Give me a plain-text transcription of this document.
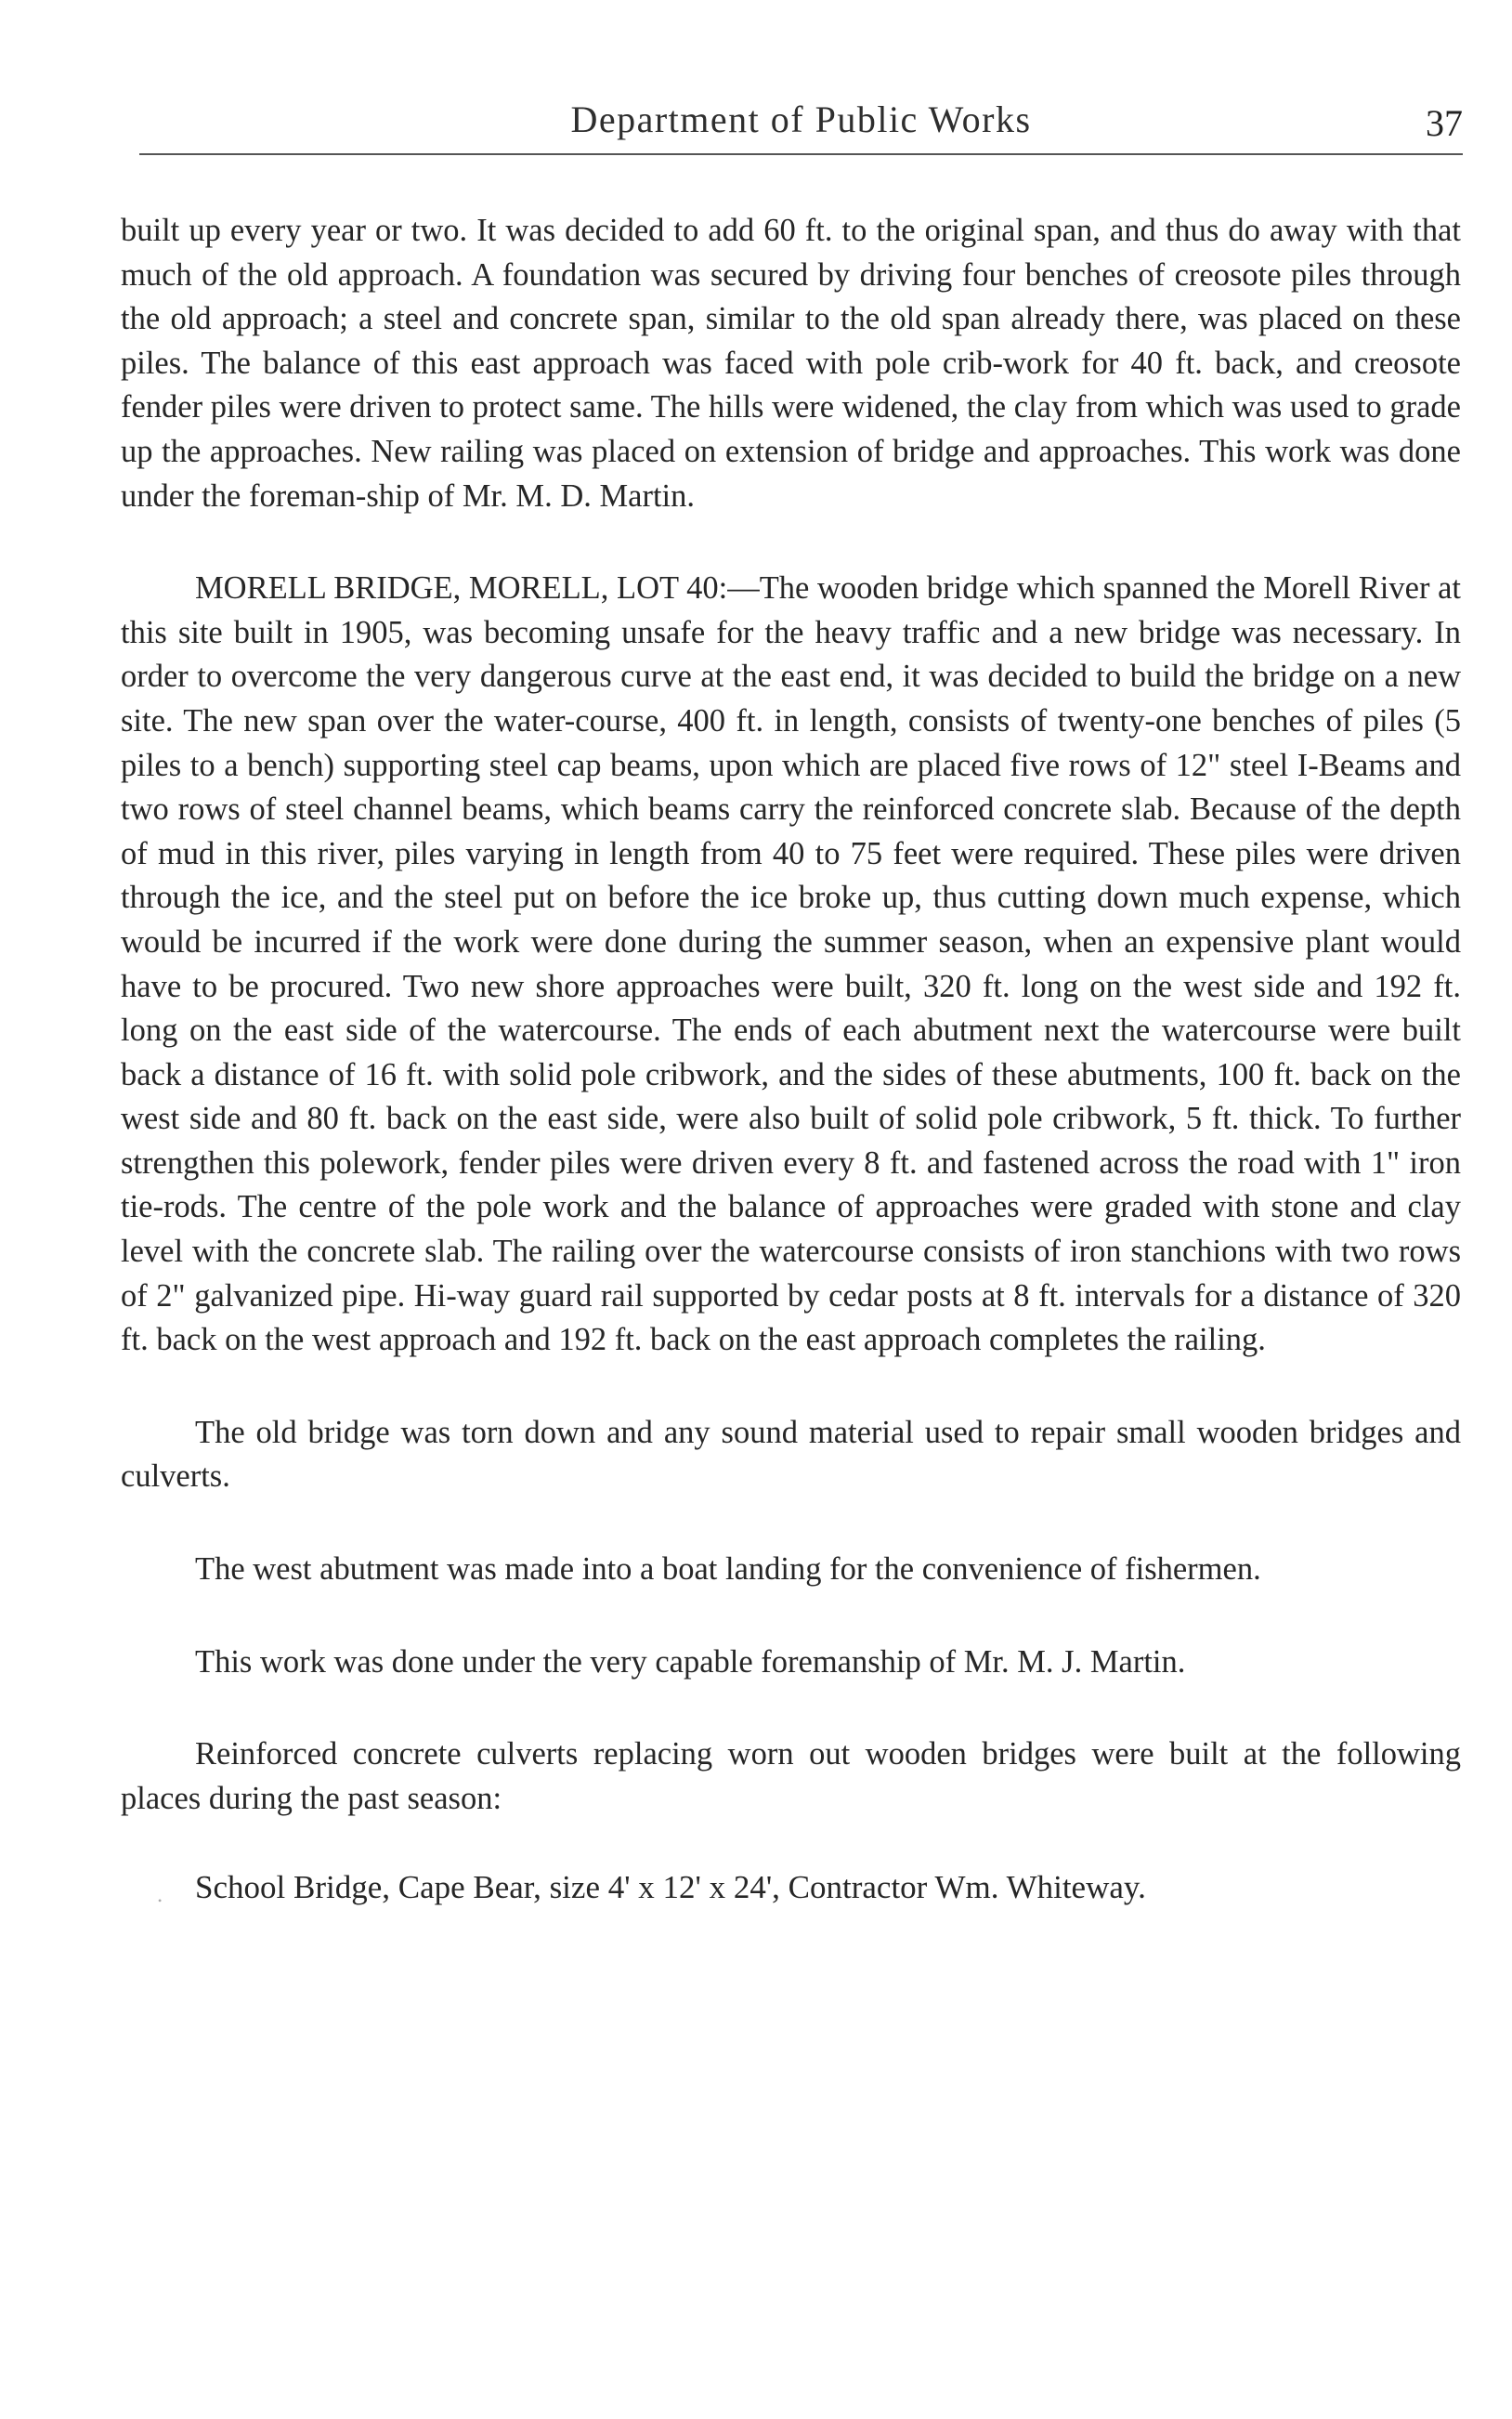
Department of Public Works	37

built up every year or two. It was decided to add 60 ft. to the original span, and thus do away with that much of the old approach. A foundation was secured by driving four benches of creosote piles through the old approach; a steel and concrete span, similar to the old span already there, was placed on these piles. The balance of this east approach was faced with pole crib-work for 40 ft. back, and creosote fender piles were driven to protect same. The hills were widened, the clay from which was used to grade up the approaches. New railing was placed on extension of bridge and approaches. This work was done under the foreman-ship of Mr. M. D. Martin.

MORELL BRIDGE, MORELL, LOT 40:—The wooden bridge which spanned the Morell River at this site built in 1905, was becoming unsafe for the heavy traffic and a new bridge was necessary. In order to overcome the very dangerous curve at the east end, it was decided to build the bridge on a new site. The new span over the water-course, 400 ft. in length, consists of twenty-one benches of piles (5 piles to a bench) supporting steel cap beams, upon which are placed five rows of 12" steel I-Beams and two rows of steel channel beams, which beams carry the reinforced concrete slab. Because of the depth of mud in this river, piles varying in length from 40 to 75 feet were required. These piles were driven through the ice, and the steel put on before the ice broke up, thus cutting down much expense, which would be incurred if the work were done during the summer season, when an expensive plant would have to be procured. Two new shore approaches were built, 320 ft. long on the west side and 192 ft. long on the east side of the watercourse. The ends of each abutment next the watercourse were built back a distance of 16 ft. with solid pole cribwork, and the sides of these abutments, 100 ft. back on the west side and 80 ft. back on the east side, were also built of solid pole cribwork, 5 ft. thick. To further strengthen this polework, fender piles were driven every 8 ft. and fastened across the road with 1" iron tie-rods. The centre of the pole work and the balance of approaches were graded with stone and clay level with the concrete slab. The railing over the watercourse consists of iron stanchions with two rows of 2" galvanized pipe. Hi-way guard rail supported by cedar posts at 8 ft. intervals for a distance of 320 ft. back on the west approach and 192 ft. back on the east approach completes the railing.

The old bridge was torn down and any sound material used to repair small wooden bridges and culverts.

The west abutment was made into a boat landing for the convenience of fishermen.

This work was done under the very capable foremanship of Mr. M. J. Martin.

Reinforced concrete culverts replacing worn out wooden bridges were built at the following places during the past season:

• School Bridge, Cape Bear, size 4' x 12' x 24', Contractor Wm. Whiteway.
